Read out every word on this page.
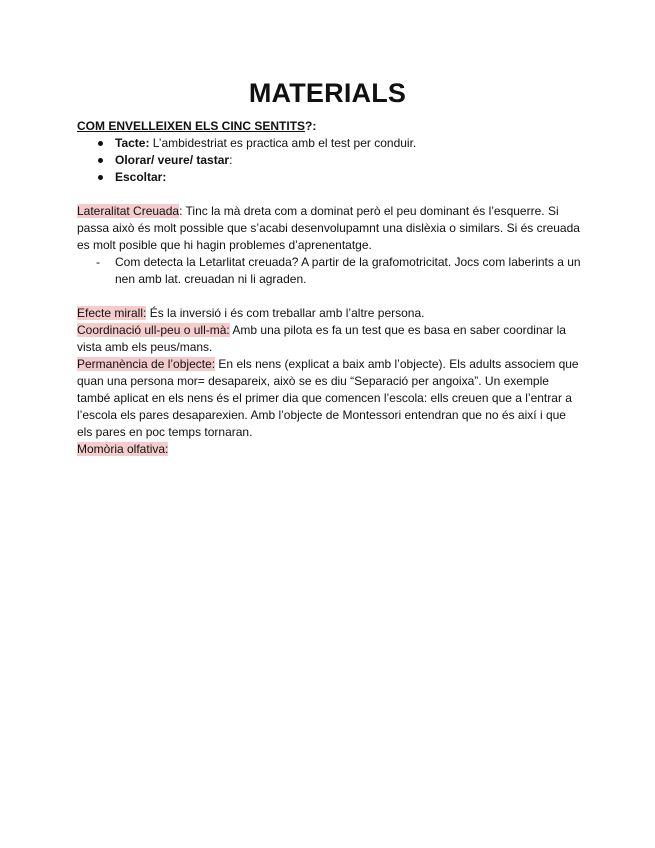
MATERIALS
COM ENVELLEIXEN ELS CINC SENTITS?:
Tacte: L’ambidestriat es practica amb el test per conduir.
Olorar/ veure/ tastar:
Escoltar:

Lateralitat Creuada: Tinc la mà dreta com a dominat però el peu dominant és l’esquerre. Si passa això és molt possible que s’acabi desenvolupamnt una dislèxia o similars. Si és creuada es molt posible que hi hagin problemes d’aprenentatge.

- Com detecta la Letarlitat creuada? A partir de la grafomotricitat. Jocs com laberints a un nen amb lat. creuadan ni li agraden.

Efecte mirall: És la inversió i és com treballar amb l’altre persona.

Coordinació ull-peu o ull-mà: Amb una pilota es fa un test que es basa en saber coordinar la vista amb els peus/mans.

Permanència de l’objecte: En els nens (explicat a baix amb l’objecte). Els adults associem que quan una persona mor= desapareix, això se es diu “Separació per angoixa”. Un exemple també aplicat en els nens és el primer dia que comencen l’escola: ells creuen que a l’entrar a l’escola els pares desaparexien. Amb l’objecte de Montessori entendran que no és així i que els pares en poc temps tornaran.

Momòria olfativa:
